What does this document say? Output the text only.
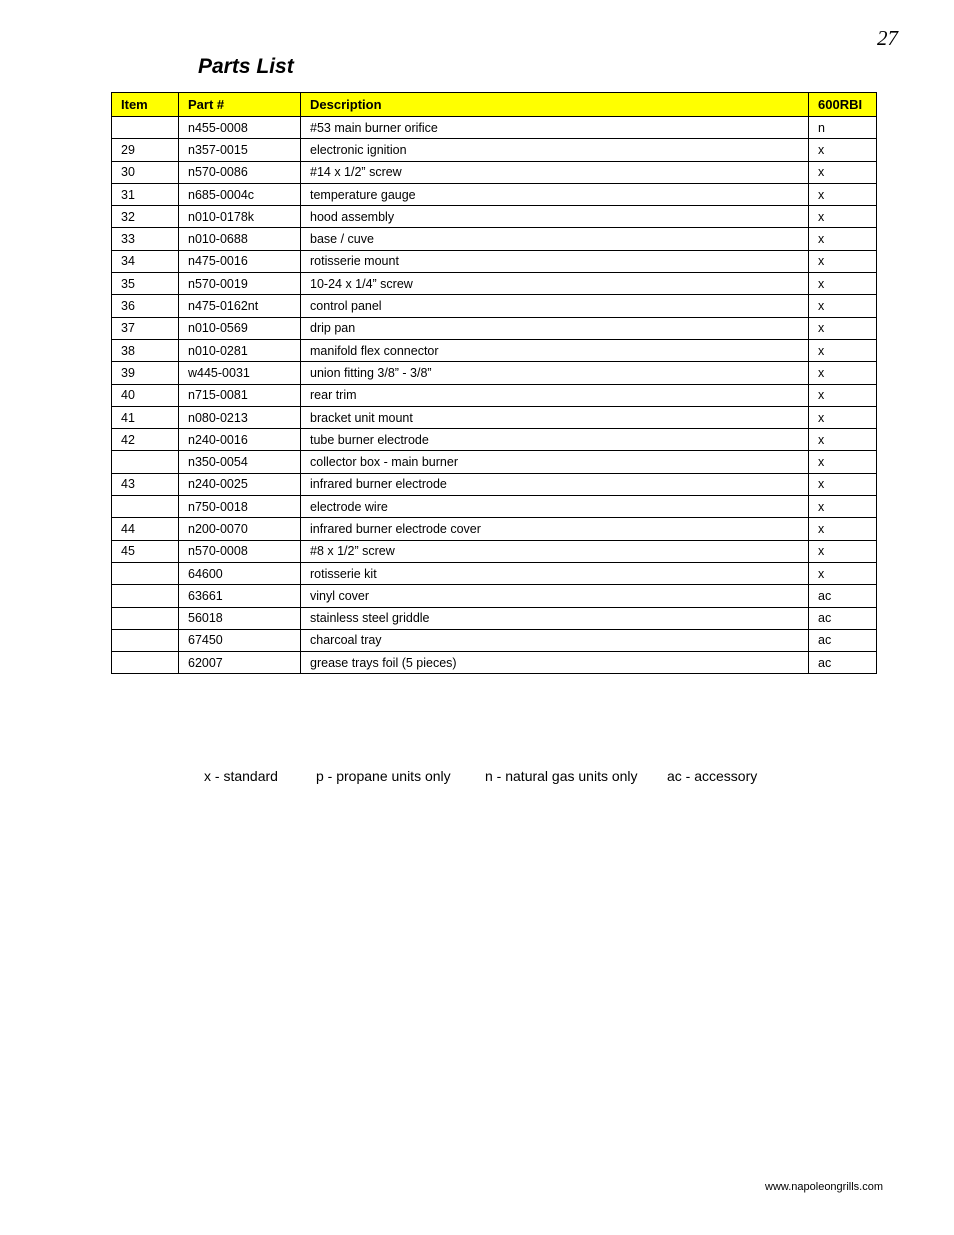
27
Parts List
Item	Part #	Description	600RBI
	n455-0008	#53 main burner orifice	n
29	n357-0015	electronic ignition	x
30	n570-0086	#14 x 1/2” screw	x
31	n685-0004c	temperature gauge	x
32	n010-0178k	hood assembly	x
33	n010-0688	base / cuve	x
34	n475-0016	rotisserie mount	x
35	n570-0019	10-24 x 1/4” screw	x
36	n475-0162nt	control panel	x
37	n010-0569	drip pan	x
38	n010-0281	manifold flex connector	x
39	w445-0031	union fitting 3/8” - 3/8”	x
40	n715-0081	rear trim	x
41	n080-0213	bracket unit mount	x
42	n240-0016	tube burner electrode	x
	n350-0054	collector box - main burner	x
43	n240-0025	infrared burner electrode	x
	n750-0018	electrode wire	x
44	n200-0070	infrared burner electrode cover	x
45	n570-0008	#8 x 1/2” screw	x
	64600	rotisserie kit	x
	63661	vinyl cover	ac
	56018	stainless steel griddle	ac
	67450	charcoal tray	ac
	62007	grease trays foil (5 pieces)	ac
x - standard	p - propane units only n - natural gas units only ac - accessory
www.napoleongrills.com
